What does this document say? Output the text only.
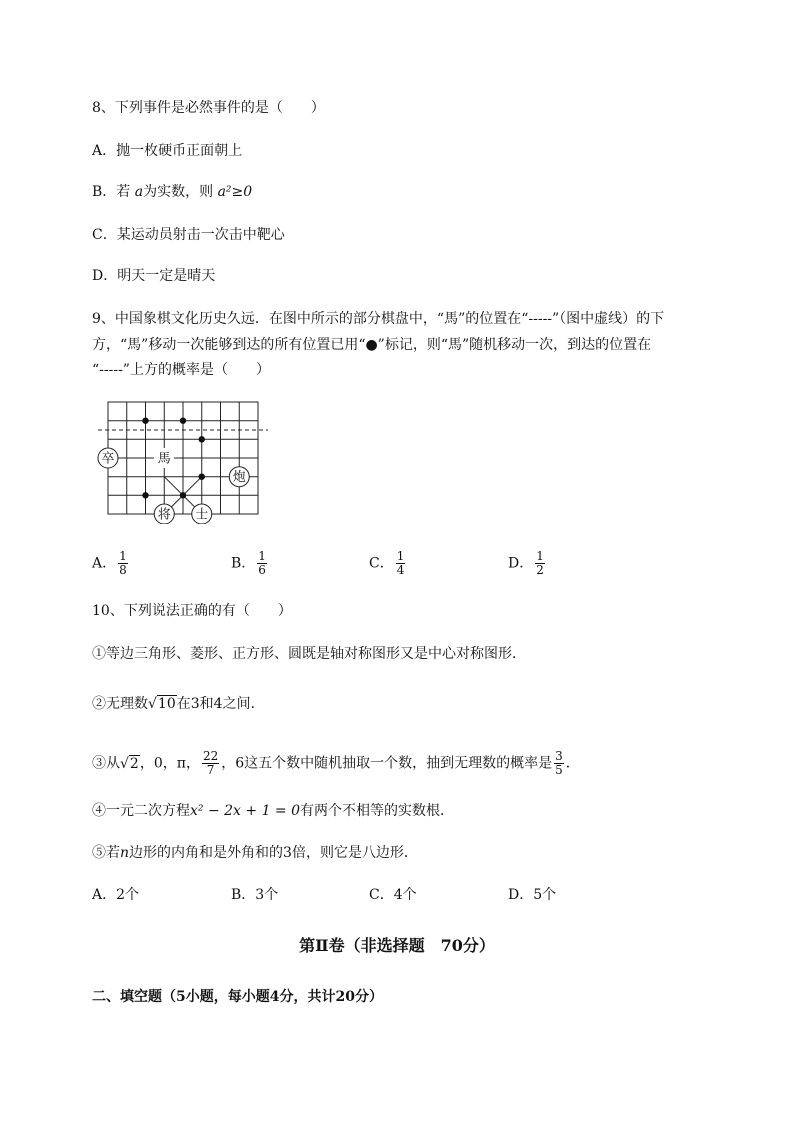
8、下列事件是必然事件的是（　　）
A．抛一枚硬币正面朝上
B．若 a为实数，则 a²≥0
C．某运动员射击一次击中靶心
D．明天一定是晴天
9、中国象棋文化历史久远．在图中所示的部分棋盘中，“馬”的位置在“-----”（图中虚线）的下
方，“馬”移动一次能够到达的所有位置已用“●”标记，则“馬”随机移动一次，到达的位置在
“-----”上方的概率是（　　）
卒	馬
炮
将 士
A． $\frac{1}{8}$	B． $\frac{1}{6}$	C． $\frac{1}{4}$	D． $\frac{1}{2}$
10、下列说法正确的有（　　）
①等边三角形、菱形、正方形、圆既是轴对称图形又是中心对称图形．
②无理数√10在3和4之间．
③从√2，0，π， $\frac{22}{7}$ ，6这五个数中随机抽取一个数，抽到无理数的概率是 $\frac{3}{5}$ ．
④一元二次方程x² − 2x + 1 = 0有两个不相等的实数根．
⑤若n边形的内角和是外角和的3倍，则它是八边形．
A．2个	B．3个	C．4个	D．5个
第Ⅱ卷（非选择题　70分）
二、填空题（5小题，每小题4分，共计20分）
